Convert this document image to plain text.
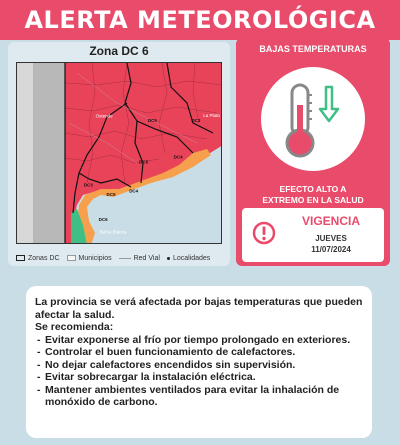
ALERTA METEOROLÓGICA
Zona DC 6
Ostende
DC5	DC3
La Plata
DC5
DC4
DC3
DC5
DC4
DC6
Bahía Blanca
Zonas DC	Municipios	Red Vial Localidades
BAJAS TEMPERATURAS
EFECTO ALTO A
EXTREMO EN LA SALUD
VIGENCIA
JUEVES
11/07/2024

La provincia se verá afectada por bajas temperaturas que pueden afectar la salud.

Se recomienda:

- Evitar exponerse al frío por tiempo prolongado en exteriores.
- Controlar el buen funcionamiento de calefactores.
- No dejar calefactores encendidos sin supervisión.
- Evitar sobrecargar la instalación eléctrica.
- Mantener ambientes ventilados para evitar la inhalación de monóxido de carbono.
